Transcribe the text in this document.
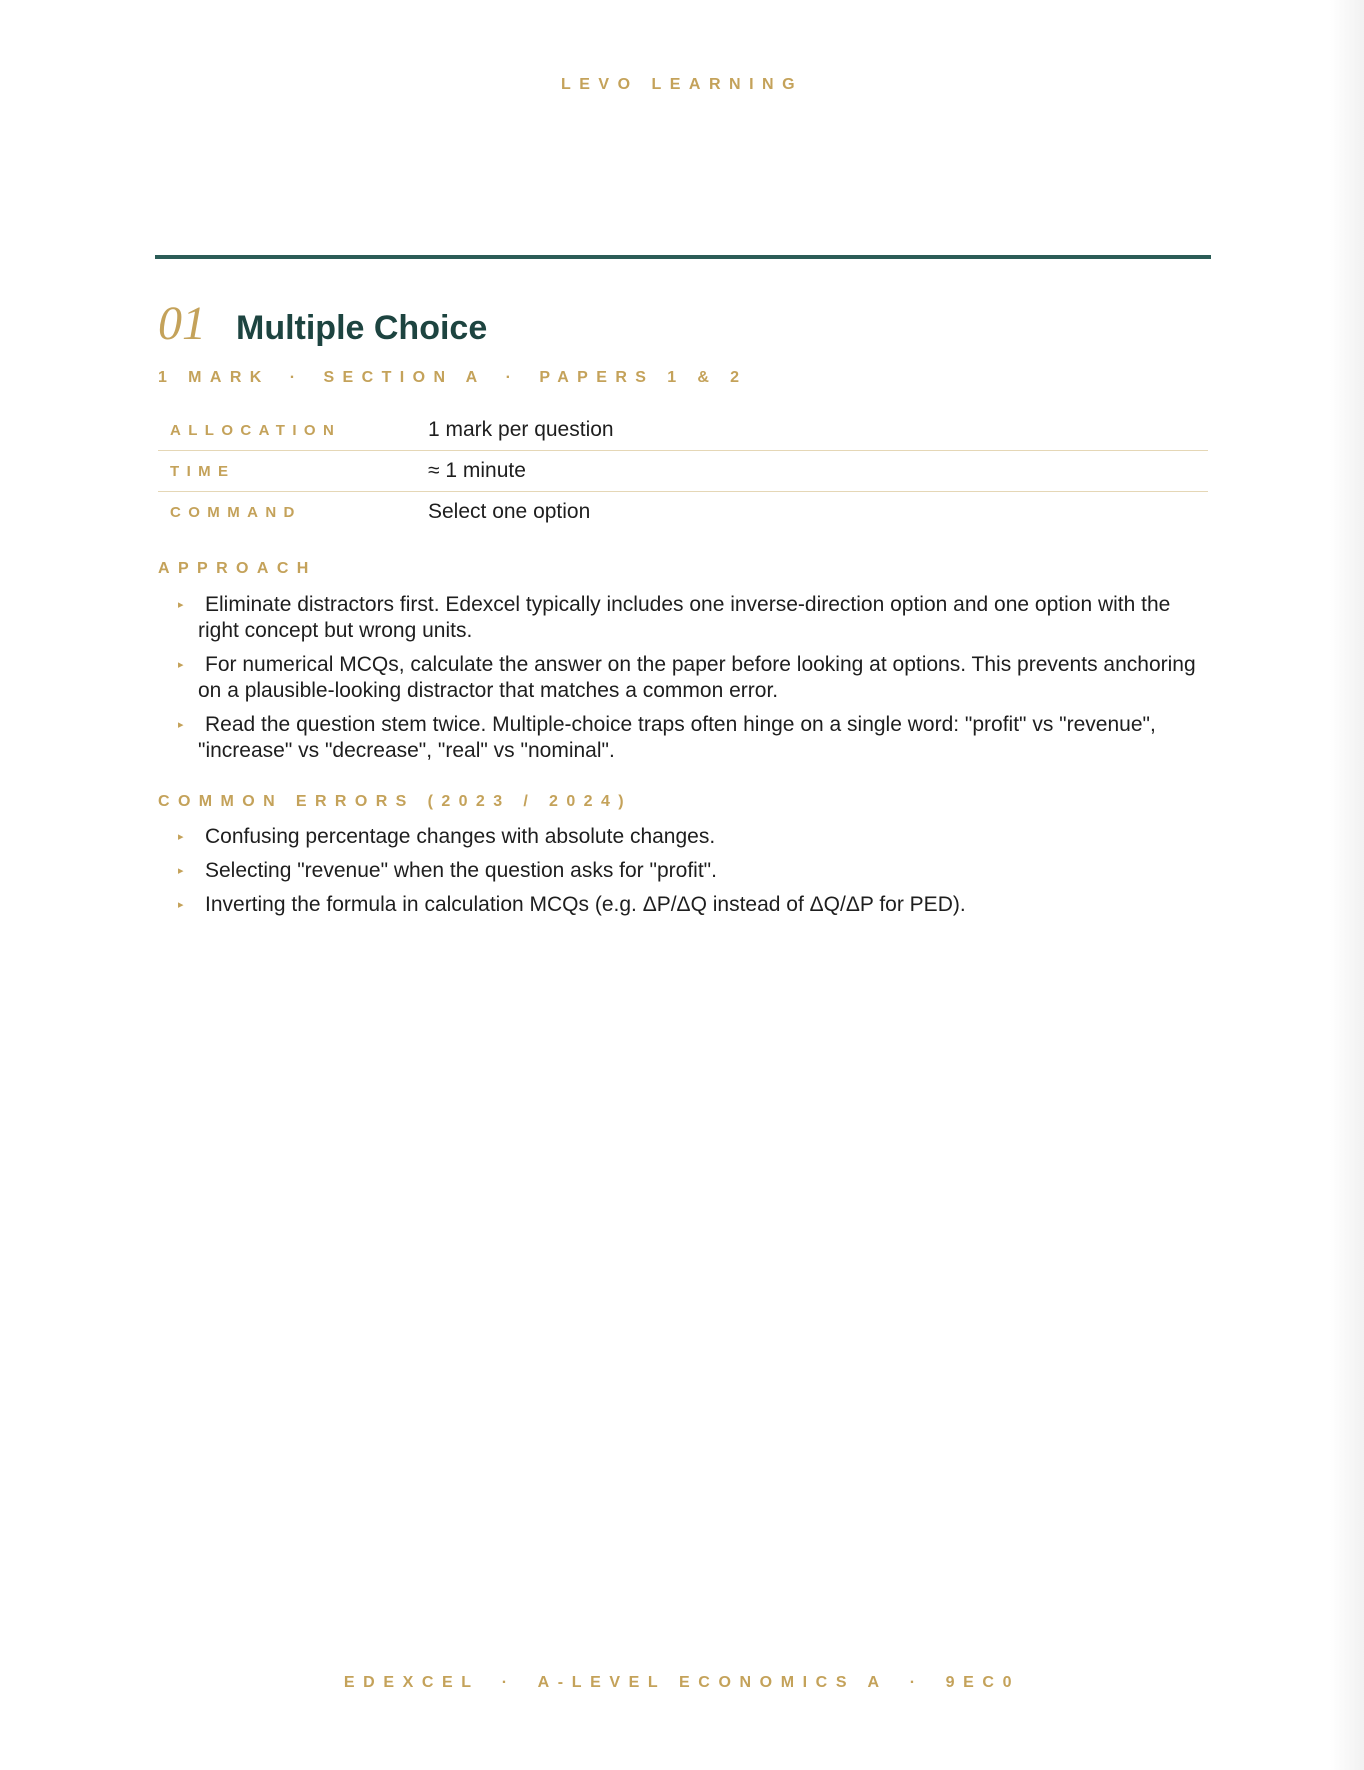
LEVO LEARNING
01 Multiple Choice
1 MARK · SECTION A · PAPERS 1 & 2
ALLOCATION	1 mark per question
TIME	≈ 1 minute
COMMAND	Select one option
APPROACH
▸ Eliminate distractors first. Edexcel typically includes one inverse-direction option and one option with the right concept but wrong units.
▸ For numerical MCQs, calculate the answer on the paper before looking at options. This prevents anchoring on a plausible-looking distractor that matches a common error.
▸ Read the question stem twice. Multiple-choice traps often hinge on a single word: "profit" vs "revenue", "increase" vs "decrease", "real" vs "nominal".
COMMON ERRORS (2023 / 2024)
▸ Confusing percentage changes with absolute changes.
▸ Selecting "revenue" when the question asks for "profit".
▸ Inverting the formula in calculation MCQs (e.g. ΔP/ΔQ instead of ΔQ/ΔP for PED).
EDEXCEL · A-LEVEL ECONOMICS A · 9EC0
